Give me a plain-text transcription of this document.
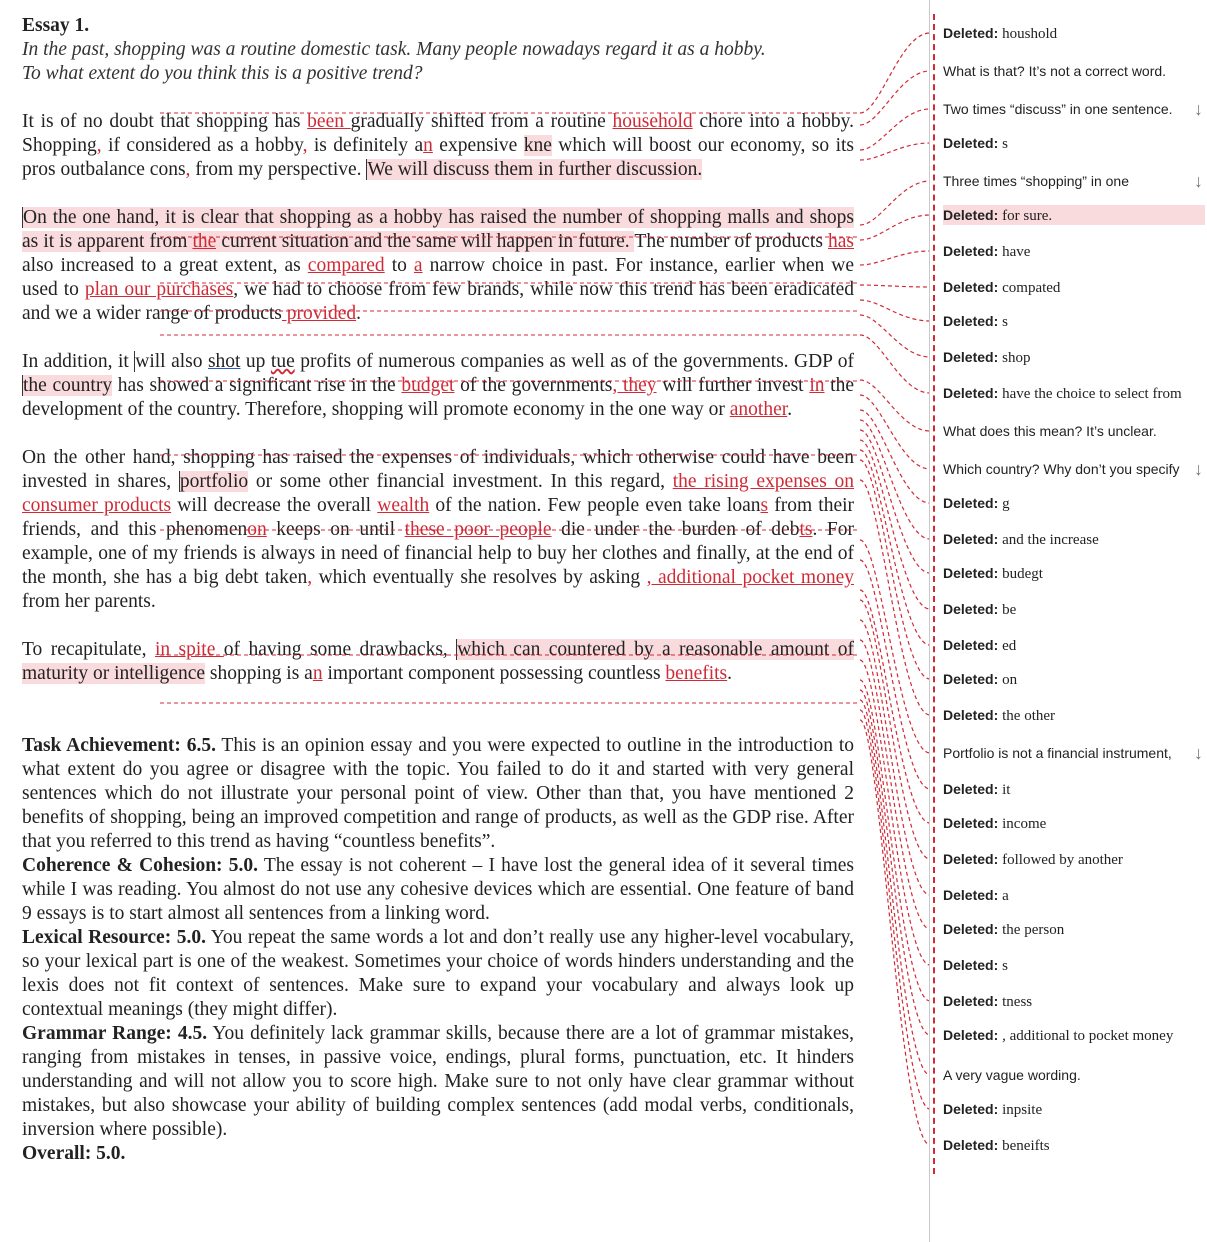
Essay 1.

In the past, shopping was a routine domestic task. Many people nowadays regard it as a hobby.
To what extent do you think this is a positive trend?

It is of no doubt that shopping has been gradually shifted from a routine household chore into a hobby. Shopping, if considered as a hobby, is definitely an expensive kne which will boost our economy, so its pros outbalance cons, from my perspective. We will discuss them in further discussion.

On the one hand, it is clear that shopping as a hobby has raised the number of shopping malls and shops as it is apparent from the current situation and the same will happen in future. The number of products has also increased to a great extent, as compared to a narrow choice in past. For instance, earlier when we used to plan our purchases, we had to choose from few brands, while now this trend has been eradicated and we a wider range of products provided.

In addition, it will also shot up tue profits of numerous companies as well as of the governments. GDP of the country has showed a significant rise in the budget of the governments, they will further invest in the development of the country. Therefore, shopping will promote economy in the one way or another.

On the other hand, shopping has raised the expenses of individuals, which otherwise could have been invested in shares, portfolio or some other financial investment. In this regard, the rising expenses on consumer products will decrease the overall wealth of the nation. Few people even take loans from their friends, and this phenomenon keeps on until these poor people die under the burden of debts. For example, one of my friends is always in need of financial help to buy her clothes and finally, at the end of the month, she has a big debt taken, which eventually she resolves by asking , additional pocket money from her parents.

To recapitulate, in spite of having some drawbacks, which can countered by a reasonable amount of maturity or intelligence shopping is an important component possessing countless benefits.

Task Achievement: 6.5. This is an opinion essay and you were expected to outline in the introduction to what extent do you agree or disagree with the topic. You failed to do it and started with very general sentences which do not illustrate your personal point of view. Other than that, you have mentioned 2 benefits of shopping, being an improved competition and range of products, as well as the GDP rise. After that you referred to this trend as having “countless benefits”.

Coherence & Cohesion: 5.0. The essay is not coherent – I have lost the general idea of it several times while I was reading. You almost do not use any cohesive devices which are essential. One feature of band 9 essays is to start almost all sentences from a linking word.

Lexical Resource: 5.0. You repeat the same words a lot and don’t really use any higher-level vocabulary, so your lexical part is one of the weakest. Sometimes your choice of words hinders understanding and the lexis does not fit context of sentences. Make sure to expand your vocabulary and always look up contextual meanings (they might differ).

Grammar Range: 4.5. You definitely lack grammar skills, because there are a lot of grammar mistakes, ranging from mistakes in tenses, in passive voice, endings, plural forms, punctuation, etc. It hinders understanding and will not allow you to score high. Make sure to not only have clear grammar without mistakes, but also showcase your ability of building complex sentences (add modal verbs, conditionals, inversion where possible).

Overall: 5.0.

Deleted: houshold
What is that? It’s not a correct word.
Two times “discuss” in one sentence. ↓
Deleted: s
Three times “shopping” in one	↓
Deleted: for sure.
Deleted: have
Deleted: compated
Deleted: s
Deleted: shop
Deleted: have the choice to select from
What does this mean? It’s unclear.
Which country? Why don’t you specify ↓
Deleted: g
Deleted: and the increase
Deleted: budegt
Deleted: be
Deleted: ed
Deleted: on
Deleted: the other
Portfolio is not a financial instrument, ↓
Deleted: it
Deleted: income
Deleted: followed by another
Deleted: a
Deleted: the person
Deleted: s
Deleted: tness
Deleted: , additional to pocket money
A very vague wording.
Deleted: inpsite
Deleted: beneifts
